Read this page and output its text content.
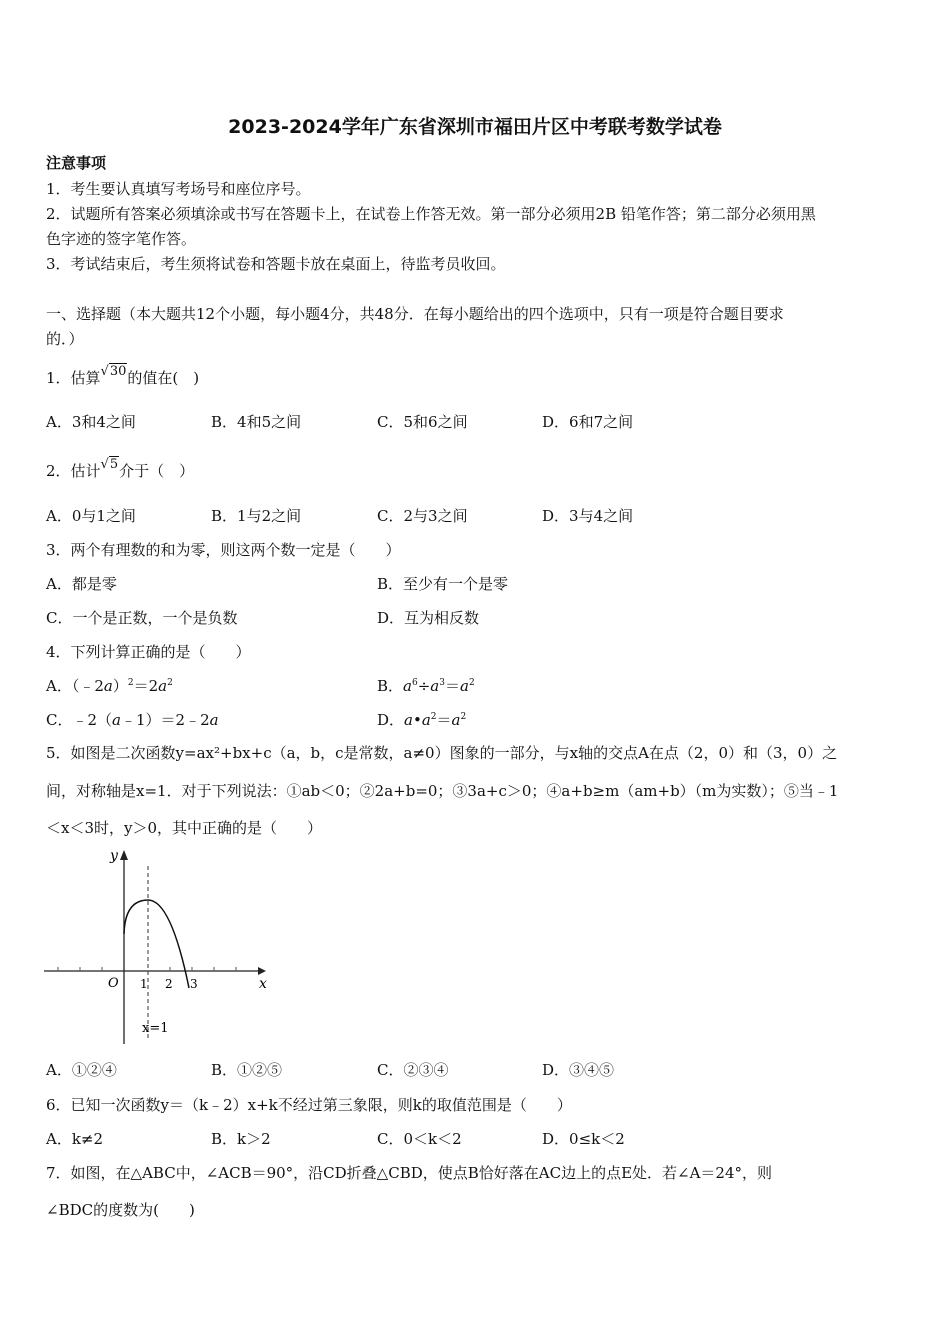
2023-2024学年广东省深圳市福田片区中考联考数学试卷
注意事项
1．考生要认真填写考场号和座位序号。
2．试题所有答案必须填涂或书写在答题卡上，在试卷上作答无效。第一部分必须用2B 铅笔作答；第二部分必须用黑
色字迹的签字笔作答。
3．考试结束后，考生须将试卷和答题卡放在桌面上，待监考员收回。
一、选择题（本大题共12个小题，每小题4分，共48分．在每小题给出的四个选项中，只有一项是符合题目要求
的．）
1．估算√30的值在(　)
A．3和4之间	B．4和5之间	C．5和6之间	D．6和7之间
2．估计√5介于（　）
A．0与1之间	B．1与2之间	C．2与3之间	D．3与4之间
3．两个有理数的和为零，则这两个数一定是（　　）
A．都是零	B．至少有一个是零
C．一个是正数，一个是负数	D．互为相反数
4．下列计算正确的是（　　）
A．$(﹣2a)^2=2a^2$	B．$a^6\div a^3=a^2$
C．﹣2（a﹣1）＝2﹣2a	D．$a•a^2=a^2$
5．如图是二次函数y=ax²+bx+c（a，b，c是常数，a≠0）图象的一部分，与x轴的交点A在点（2，0）和（3，0）之
间，对称轴是x=1．对于下列说法：①ab＜0；②2a+b=0；③3a+c＞0；④a+b≥m（am+b）（m为实数）；⑤当﹣1
＜x＜3时，y＞0，其中正确的是（　　）
y
x
O 1 2 3
x=1
A．①②④	B．①②⑤	C．②③④	D．③④⑤
6．已知一次函数y＝（k﹣2）x+k不经过第三象限，则k的取值范围是（　　）
A．k≠2	B．k＞2	C．0＜k＜2	D．0≤k＜2
7．如图，在△ABC中，∠ACB＝90°，沿CD折叠△CBD，使点B恰好落在AC边上的点E处．若∠A＝24°，则
∠BDC的度数为(　　)
